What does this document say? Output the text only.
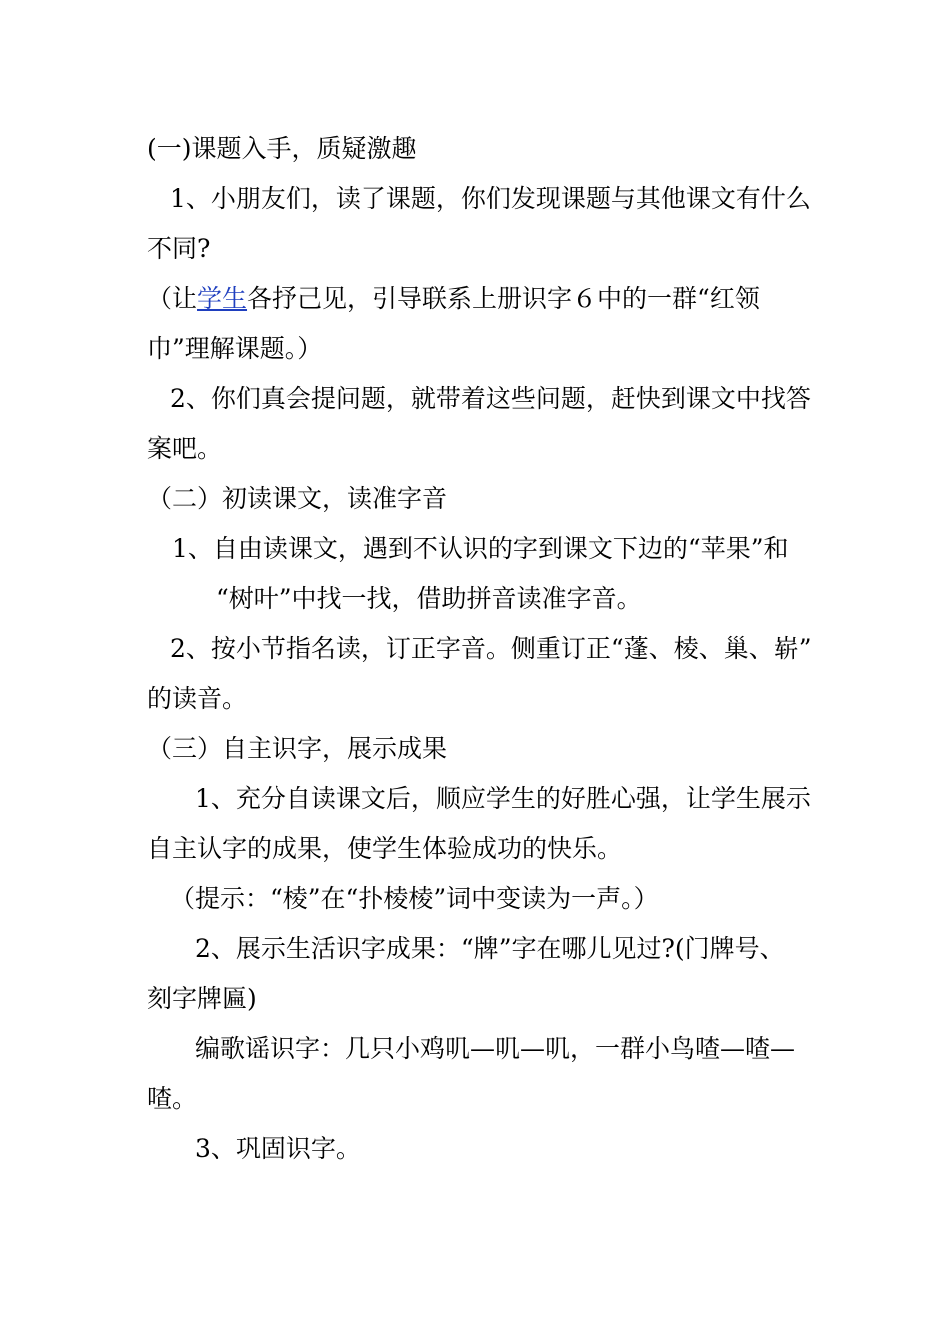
(一)课题入手，质疑激趣
1、小朋友们，读了课题，你们发现课题与其他课文有什么
不同?
（让学生各抒己见，引导联系上册识字６中的一群“红领
巾”理解课题。）
2、你们真会提问题，就带着这些问题，赶快到课文中找答
案吧。
（二）初读课文，读准字音
1、自由读课文，遇到不认识的字到课文下边的“苹果”和
“树叶”中找一找，借助拼音读准字音。
2、按小节指名读，订正字音。侧重订正“蓬、棱、巢、崭”
的读音。
（三）自主识字，展示成果
1、充分自读课文后，顺应学生的好胜心强，让学生展示
自主认字的成果，使学生体验成功的快乐。
（提示：“棱”在“扑棱棱”词中变读为一声。）
2、展示生活识字成果：“牌”字在哪儿见过?(门牌号、
刻字牌匾)
编歌谣识字：几只小鸡叽—叽—叽，一群小鸟喳—喳—
喳。
3、巩固识字。
